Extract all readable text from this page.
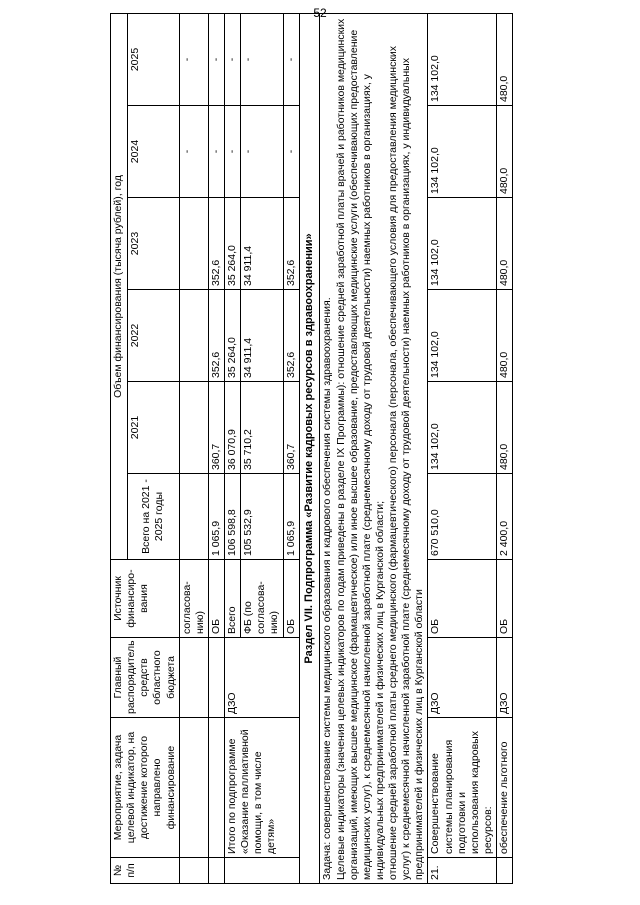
52
№ п/п	Мероприятие, задача целевой индикатор, на достижение которого направлено финансирование	Главный распорядитель средств областного бюджета	Источник финансиро-вания	Объем финансирования (тысяча рублей), год					
				Всего на 2021 - 2025 годы	2021	2022	2023	2024	2025
			согласова-нию)					-	-
			ОБ	1 065,9	360,7	352,6	352,6	-	-
	Итого по подпрограмме «Оказание паллиативной помощи, в том числе детям»	ДЗО	Всего	106 598,8	36 070,9	35 264,0	35 264,0	-	-
			ФБ (по согласова-нию)	105 532,9	35 710,2	34 911,4	34 911,4	-	-
			ОБ	1 065,9	360,7	352,6	352,6	-	-
Раздел VII. Подпрограмма «Развитие кадровых ресурсов в здравоохранении»									
Задача: совершенствование системы медицинского образования и кадрового обеспечения системы здравоохранения.
Целевые индикаторы (значения целевых индикаторов по годам приведены в разделе IX Программы): отношение средней заработной платы врачей и работников медицинских организаций, имеющих высшее медицинское (фармацевтическое) или иное высшее образование, предоставляющих медицинские услуги (обеспечивающих предоставление медицинских услуг), к среднемесячной начисленной заработной плате (среднемесячному доходу от трудовой деятельности) наемных работников в организациях, у индивидуальных предпринимателей и физических лиц в Курганской области;
отношение средней заработной платы среднего медицинского (фармацевтического) персонала (персонала, обеспечивающего условия для предоставления медицинских услуг) к среднемесячной начисленной заработной плате (среднемесячному доходу от трудовой деятельности) наемных работников в организациях, у индивидуальных предпринимателей и физических лиц в Курганской области									
21.	Совершенствование системы планирования подготовки и использования кадровых ресурсов:	ДЗО	ОБ	670 510,0	134 102,0	134 102,0	134 102,0	134 102,0	134 102,0
	обеспечение льготного	ДЗО	ОБ	2 400,0	480,0	480,0	480,0	480,0	480,0
